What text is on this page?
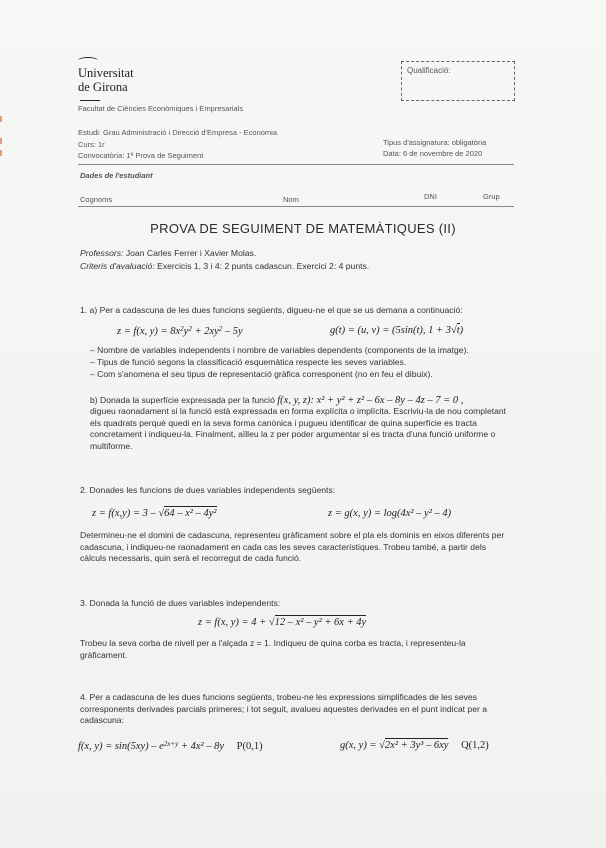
Universitat
de Girona
Facultat de Ciències Econòmiques i Empresarials
Qualificació:
Estudi: Grau Administració i Direcció d'Empresa - Economia
Curs: 1r
Convocatòria: 1ª Prova de Seguiment
Tipus d'assignatura: obligatòria
Data: 6 de novembre de 2020
Dades de l'estudiant
Cognoms	Nom	DNI	Grup
PROVA DE SEGUIMENT DE MATEMÀTIQUES (II)
Professors: Joan Carles Ferrer i Xavier Molas.
Criteris d'avaluació: Exercicis 1, 3 i 4: 2 punts cadascun. Exercici 2: 4 punts.
1. a) Per a cadascuna de les dues funcions següents, digueu-ne el que se us demana a continuació:
z = f(x, $y) = 8x^2y^2 + 2xy^2 - 5y$	g(t) = (u, v) = (5sin(t), 1 + 3√t)
– Nombre de variables independents i nombre de variables dependents (components de la imatge).
– Tipus de funció segons la classificació esquemàtica respecte les seves variables.
– Com s'anomena el seu tipus de representació gràfica corresponent (no en feu el dibuix).
b) Donada la superfície expressada per la funció f(x, y, z): x² + y² + z² – 6x – 8y – 4z – 7 = 0 ,
digueu raonadament si la funció està expressada en forma explícita o implícita. Escriviu-la de nou completant els quadrats perquè quedi en la seva forma canònica i pugueu identificar de quina superfície es tracta concretament i indiqueu-la. Finalment, aïlleu la z per poder argumentar si es tracta d'una funció uniforme o multiforme.
2. Donades les funcions de dues variables independents següents:
z = f(x,y) = 3 – √64 – x² – 4y²	z = g(x, y) = log(4x² – y² – 4)
Determineu-ne el domini de cadascuna, representeu gràficament sobre el pla els dominis en eixos diferents per cadascuna, i indiqueu-ne raonadament en cada cas les seves característiques. Trobeu també, a partir dels càlculs necessaris, quin serà el recorregut de cada funció.
3. Donada la funció de dues variables independents:
z = f(x, y) = 4 + √12 – x² – y² + 6x + 4y
Trobeu la seva corba de nivell per a l'alçada z = 1. Indiqueu de quina corba es tracta, i representeu-la gràficament.
4. Per a cadascuna de les dues funcions següents, trobeu-ne les expressions simplificades de les seves corresponents derivades parcials primeres; i tot seguit, avalueu aquestes derivades en el punt indicat per a cadascuna:
f(x, $y) = \sin(5xy) - e^{2x+y} + 4x^2 - 8y$ P(0,1)	g(x, y) = √2x² + 3y³ – 6xy Q(1,2)
